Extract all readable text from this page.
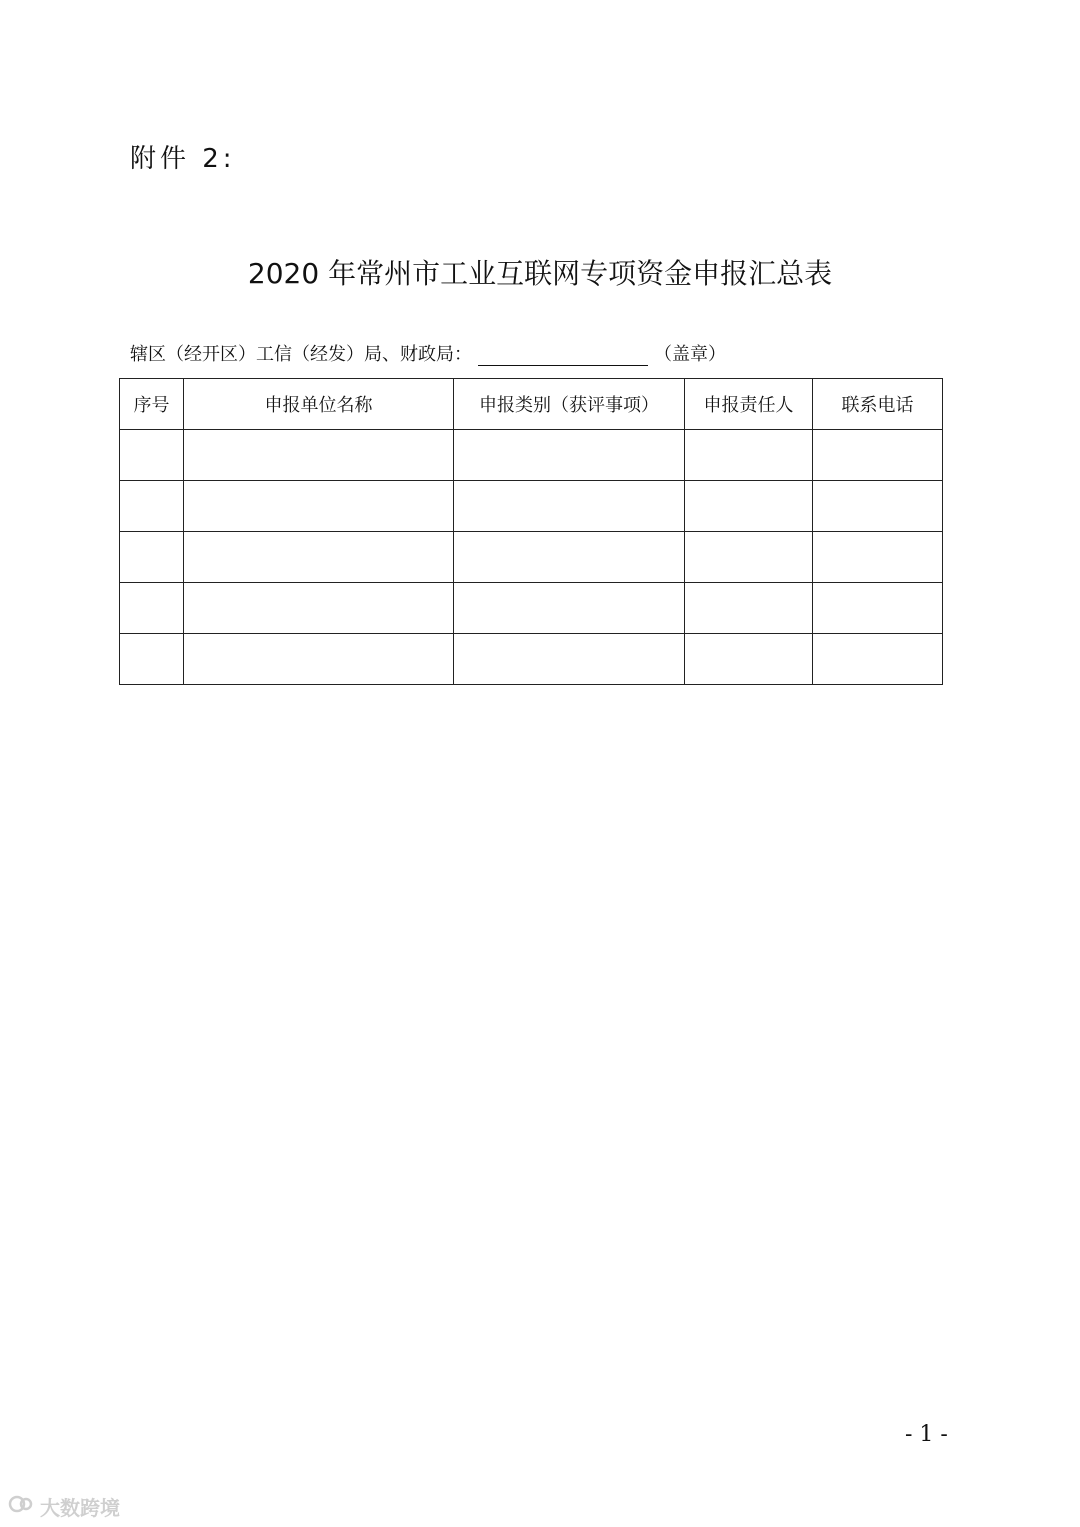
附件 2:
2020 年常州市工业互联网专项资金申报汇总表
辖区（经开区）工信（经发）局、财政局：	（盖章）
序号	申报单位名称	申报类别（获评事项）	申报责任人	联系电话

- 1 -
大数跨境
